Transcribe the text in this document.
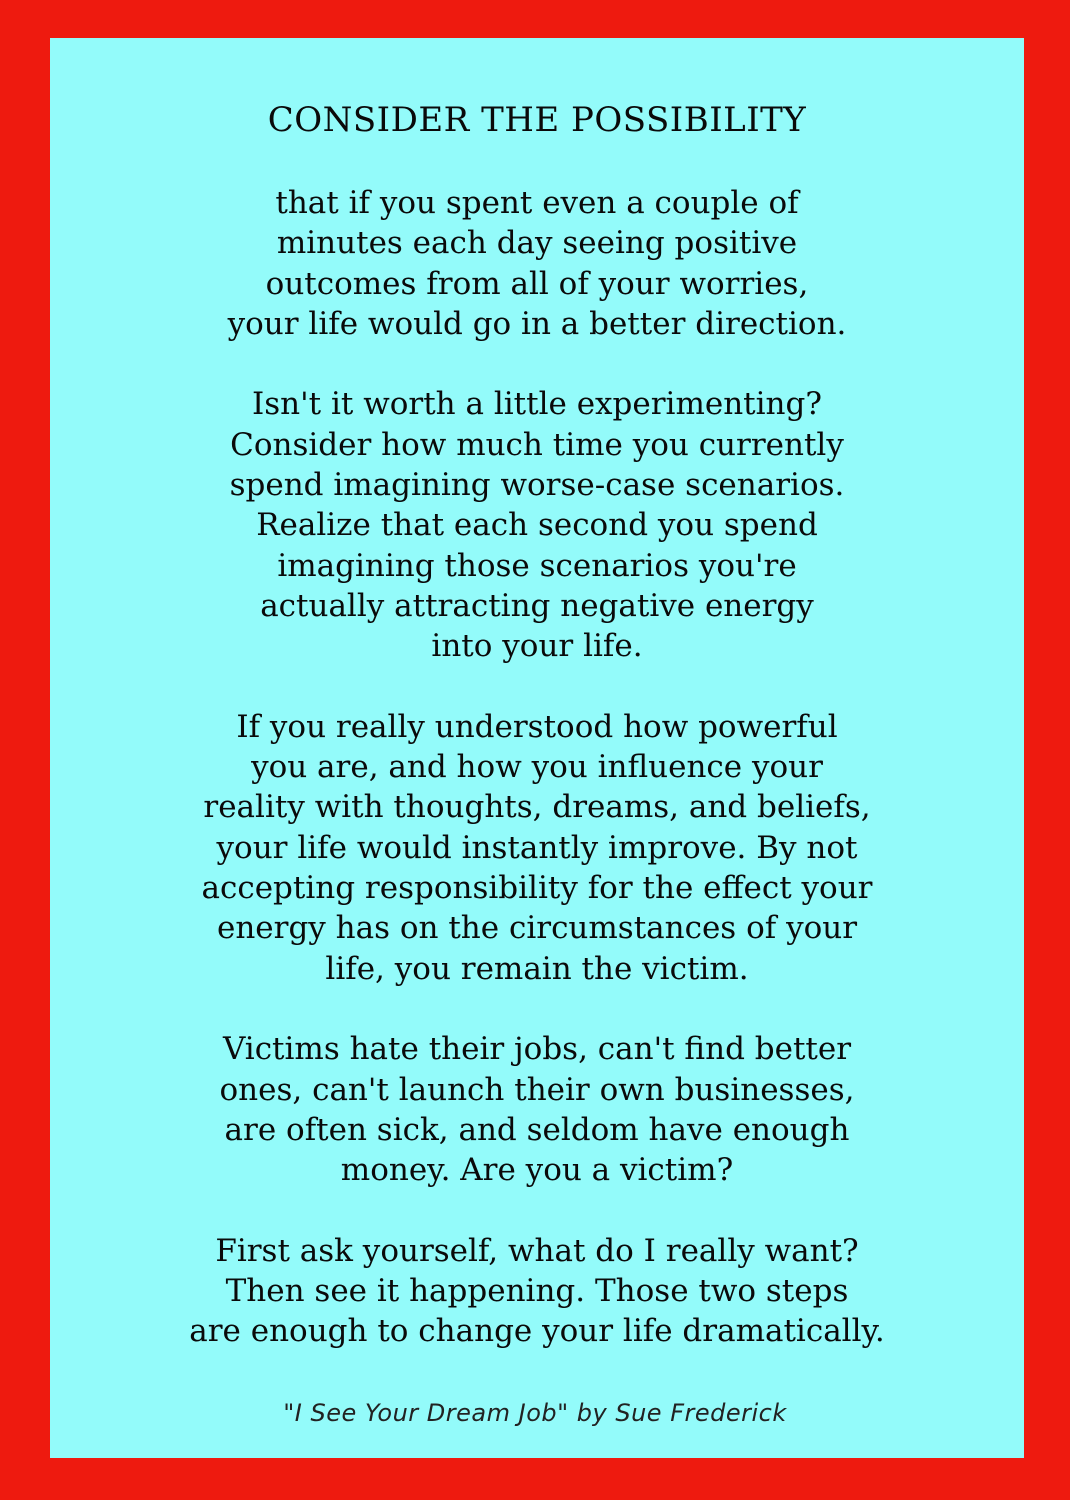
CONSIDER THE POSSIBILITY

that if you spent even a couple of
minutes each day seeing positive
outcomes from all of your worries,
your life would go in a better direction.

Isn't it worth a little experimenting?
Consider how much time you currently
spend imagining worse-case scenarios.
Realize that each second you spend
imagining those scenarios you're
actually attracting negative energy
into your life.

If you really understood how powerful
you are, and how you influence your
reality with thoughts, dreams, and beliefs,
your life would instantly improve. By not
accepting responsibility for the effect your
energy has on the circumstances of your
life, you remain the victim.

Victims hate their jobs, can't find better
ones, can't launch their own businesses,
are often sick, and seldom have enough
money. Are you a victim?

First ask yourself, what do I really want?
Then see it happening. Those two steps
are enough to change your life dramatically.

"I See Your Dream Job" by Sue Frederick
